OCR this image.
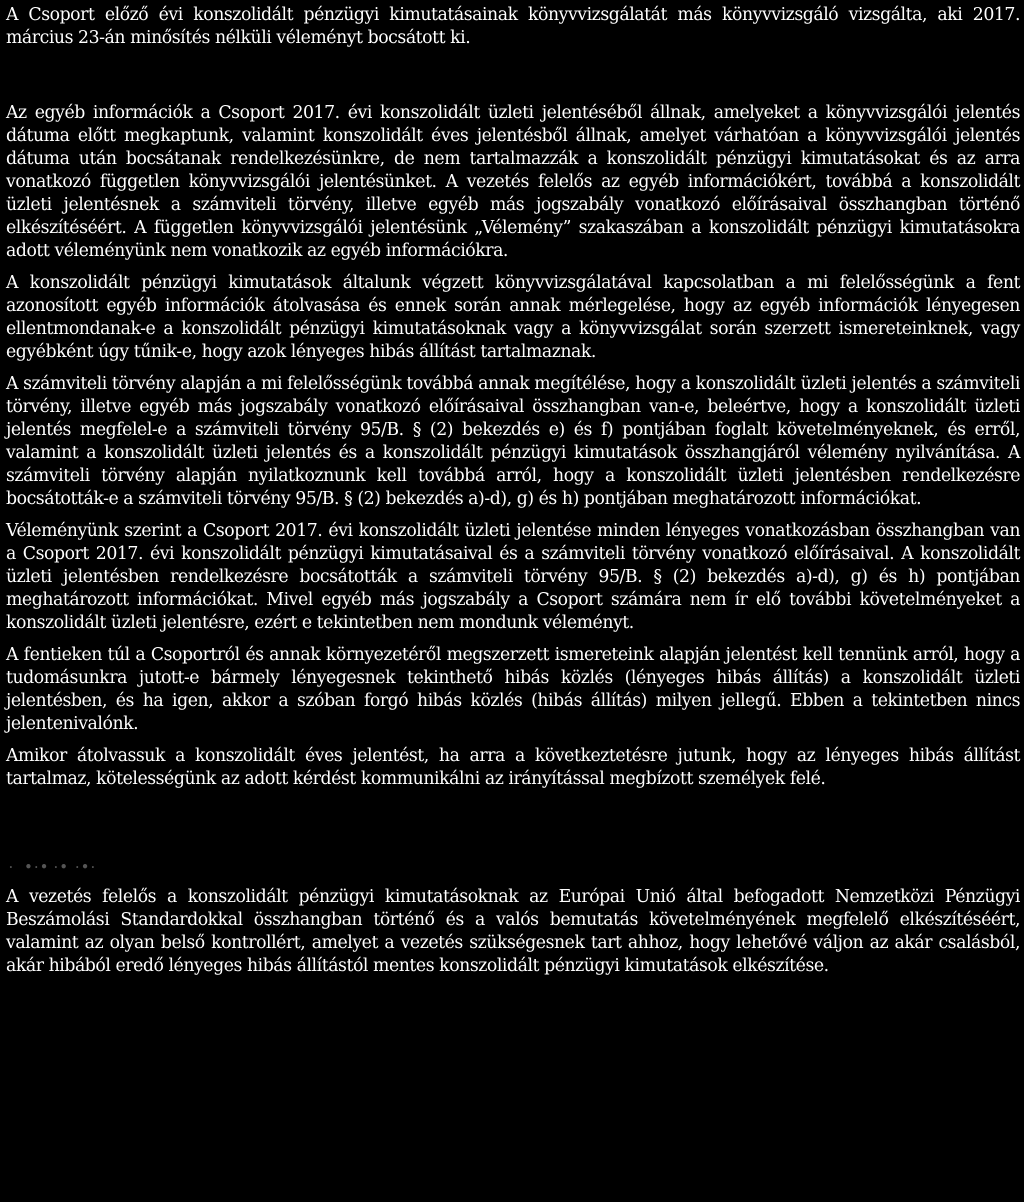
A Csoport előző évi konszolidált pénzügyi kimutatásainak könyvvizsgálatát más könyvvizsgáló vizsgálta, aki 2017. március 23-án minősítés nélküli véleményt bocsátott ki.

Az egyéb információk a Csoport 2017. évi konszolidált üzleti jelentéséből állnak, amelyeket a könyvvizsgálói jelentés dátuma előtt megkaptunk, valamint konszolidált éves jelentésből állnak, amelyet várhatóan a könyvvizsgálói jelentés dátuma után bocsátanak rendelkezésünkre, de nem tartalmazzák a konszolidált pénzügyi kimutatásokat és az arra vonatkozó független könyvvizsgálói jelentésünket. A vezetés felelős az egyéb információkért, továbbá a konszolidált üzleti jelentésnek a számviteli törvény, illetve egyéb más jogszabály vonatkozó előírásaival összhangban történő elkészítéséért. A független könyvvizsgálói jelentésünk „Vélemény” szakaszában a konszolidált pénzügyi kimutatásokra adott véleményünk nem vonatkozik az egyéb információkra.

A konszolidált pénzügyi kimutatások általunk végzett könyvvizsgálatával kapcsolatban a mi felelősségünk a fent azonosított egyéb információk átolvasása és ennek során annak mérlegelése, hogy az egyéb információk lényegesen ellentmondanak-e a konszolidált pénzügyi kimutatásoknak vagy a könyvvizsgálat során szerzett ismereteinknek, vagy egyébként úgy tűnik-e, hogy azok lényeges hibás állítást tartalmaznak.

A számviteli törvény alapján a mi felelősségünk továbbá annak megítélése, hogy a konszolidált üzleti jelentés a számviteli törvény, illetve egyéb más jogszabály vonatkozó előírásaival összhangban van-e, beleértve, hogy a konszolidált üzleti jelentés megfelel-e a számviteli törvény 95/B. § (2) bekezdés e) és f) pontjában foglalt követelményeknek, és erről, valamint a konszolidált üzleti jelentés és a konszolidált pénzügyi kimutatások összhangjáról vélemény nyilvánítása. A számviteli törvény alapján nyilatkoznunk kell továbbá arról, hogy a konszolidált üzleti jelentésben rendelkezésre bocsátották-e a számviteli törvény 95/B. § (2) bekezdés a)-d), g) és h) pontjában meghatározott információkat.

Véleményünk szerint a Csoport 2017. évi konszolidált üzleti jelentése minden lényeges vonatkozásban összhangban van a Csoport 2017. évi konszolidált pénzügyi kimutatásaival és a számviteli törvény vonatkozó előírásaival. A konszolidált üzleti jelentésben rendelkezésre bocsátották a számviteli törvény 95/B. § (2) bekezdés a)-d), g) és h) pontjában meghatározott információkat. Mivel egyéb más jogszabály a Csoport számára nem ír elő további követelményeket a konszolidált üzleti jelentésre, ezért e tekintetben nem mondunk véleményt.

A fentieken túl a Csoportról és annak környezetéről megszerzett ismereteink alapján jelentést kell tennünk arról, hogy a tudomásunkra jutott-e bármely lényegesnek tekinthető hibás közlés (lényeges hibás állítás) a konszolidált üzleti jelentésben, és ha igen, akkor a szóban forgó hibás közlés (hibás állítás) milyen jellegű. Ebben a tekintetben nincs jelentenivalónk.

Amikor átolvassuk a konszolidált éves jelentést, ha arra a következtetésre jutunk, hogy az lényeges hibás állítást tartalmaz, kötelességünk az adott kérdést kommunikálni az irányítással megbízott személyek felé.

 ·  •·• ·• ·•·

A vezetés felelős a konszolidált pénzügyi kimutatásoknak az Európai Unió által befogadott Nemzetközi Pénzügyi Beszámolási Standardokkal összhangban történő és a valós bemutatás követelményének megfelelő elkészítéséért, valamint az olyan belső kontrollért, amelyet a vezetés szükségesnek tart ahhoz, hogy lehetővé váljon az akár csalásból, akár hibából eredő lényeges hibás állítástól mentes konszolidált pénzügyi kimutatások elkészítése.
